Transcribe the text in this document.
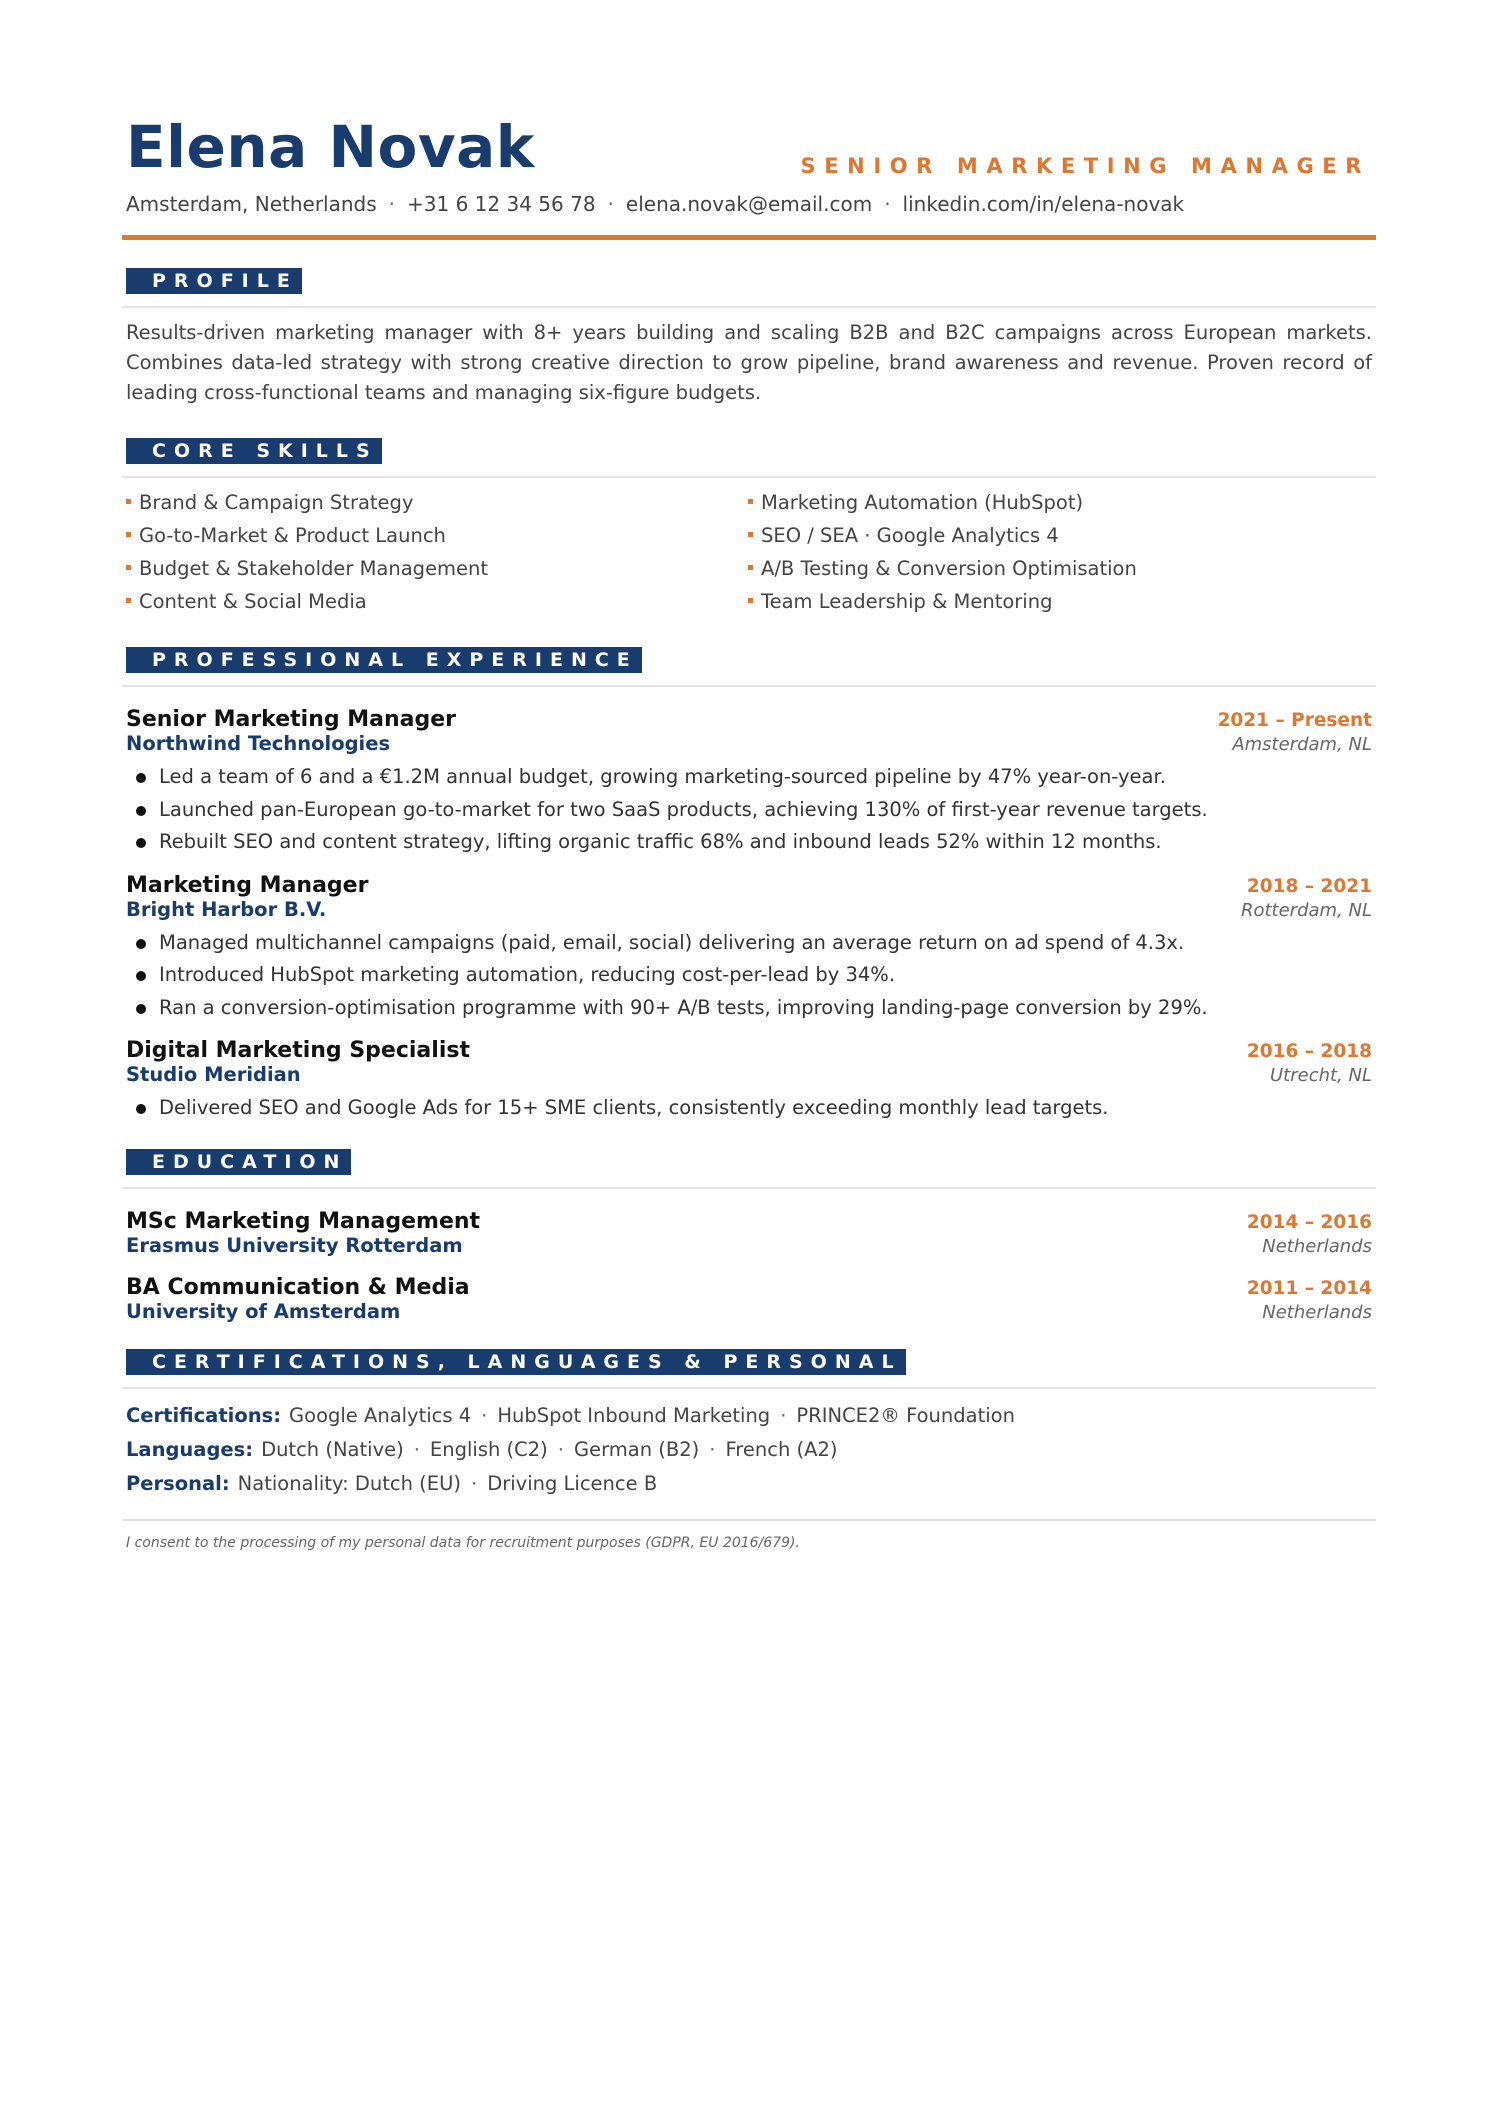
Elena Novak	SENIOR MARKETING MANAGER
Amsterdam, Netherlands · +31 6 12 34 56 78 · elena.novak@email.com · linkedin.com/in/elena-novak
PROFILE
Results-driven marketing manager with 8+ years building and scaling B2B and B2C campaigns across European markets. Combines data-led strategy with strong creative direction to grow pipeline, brand awareness and revenue. Proven record of leading cross-functional teams and managing six-figure budgets.
CORE SKILLS
Brand & Campaign Strategy	Marketing Automation (HubSpot)
Go-to-Market & Product Launch	SEO / SEA · Google Analytics 4
Budget & Stakeholder Management	A/B Testing & Conversion Optimisation
Content & Social Media	Team Leadership & Mentoring
PROFESSIONAL EXPERIENCE
Senior Marketing Manager	2021 – Present
Northwind Technologies	Amsterdam, NL
Led a team of 6 and a €1.2M annual budget, growing marketing-sourced pipeline by 47% year-on-year.
Launched pan-European go-to-market for two SaaS products, achieving 130% of first-year revenue targets.
Rebuilt SEO and content strategy, lifting organic traffic 68% and inbound leads 52% within 12 months.
Marketing Manager	2018 – 2021
Bright Harbor B.V.	Rotterdam, NL
Managed multichannel campaigns (paid, email, social) delivering an average return on ad spend of 4.3x.
Introduced HubSpot marketing automation, reducing cost-per-lead by 34%.
Ran a conversion-optimisation programme with 90+ A/B tests, improving landing-page conversion by 29%.
Digital Marketing Specialist	2016 – 2018
Studio Meridian	Utrecht, NL
Delivered SEO and Google Ads for 15+ SME clients, consistently exceeding monthly lead targets.
EDUCATION
MSc Marketing Management	2014 – 2016
Erasmus University Rotterdam	Netherlands
BA Communication & Media	2011 – 2014
University of Amsterdam	Netherlands
CERTIFICATIONS, LANGUAGES & PERSONAL
Certifications: Google Analytics 4 · HubSpot Inbound Marketing · PRINCE2® Foundation
Languages: Dutch (Native) · English (C2) · German (B2) · French (A2)
Personal: Nationality: Dutch (EU) · Driving Licence B
I consent to the processing of my personal data for recruitment purposes (GDPR, EU 2016/679).
